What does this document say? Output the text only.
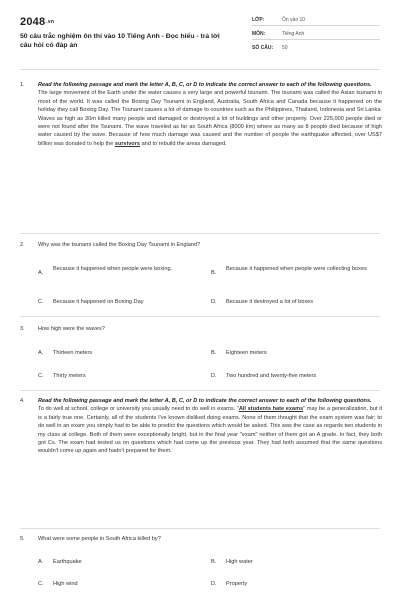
2048.vn
50 câu trắc nghiệm ôn thi vào 10 Tiếng Anh - Đọc hiểu - trả lời câu hỏi có đáp án
LỚP:	Ôn vào 10
MÔN:	Tiếng Anh
SỐ CÂU: 50
1. Read the following passage and mark the letter A, B, C, or D to indicate the correct answer to each of the following questions.
The large movement of the Earth under the water causes a very large and powerful tsunami. The tsunami was called the Asian tsunami in most of the world. It was called the Boxing Day Tsunami in England, Australia, South Africa and Canada because it happened on the holiday they call Boxing Day. The Tsunami causes a lot of damage to countries such as the Philippines, Thailand, Indonesia and Sri Lanka. Waves as high as 30m killed many people and damaged or destroyed a lot of buildings and other property. Over 225,000 people died or were not found after the Tsunami. The wave traveled as far as South Africa (8000 km) where as many as 8 people died because of high water caused by the wave. Because of how much damage was caused and the number of people the earthquake affected, over US$7 billion was donated to help the survivors and to rebuild the areas damaged.
2. Why was the tsunami called the Boxing Day Tsunami in England?
A.
Because it happened when people were boxing.
B.
Because it happened when people were collecting boxes
C. Because it happened on Boxing Day	D. Because it destroyed a lot of boxes
3. How high were the waves?
A. Thirteen meters	B. Eighteen meters
C. Thirty meters	D. Two hundred and twenty-five meters
4. Read the following passage and mark the letter A, B, C, or D to indicate the correct answer to each of the following questions.
To do well at school, college or university you usually need to do well in exams. "All students hate exams" may be a generalization, but it is a fairly true one. Certainly, all of the students I've known disliked doing exams. None of them thought that the exam system was fair; to do well in an exam you simply had to be able to predict the questions which would be asked. This was the case as regards two students in my class at college. Both of them were exceptionally bright, but in the final year "exam" neither of them got an A grade. In fact, they both got Cs. The exam had tested us on questions which had come up the previous year. They had both assumed that the same questions wouldn't come up again and hadn't prepared for them.
5. What were some people in South Africa killed by?
A. Earthquake	B. High water
C. High wind	D. Property
